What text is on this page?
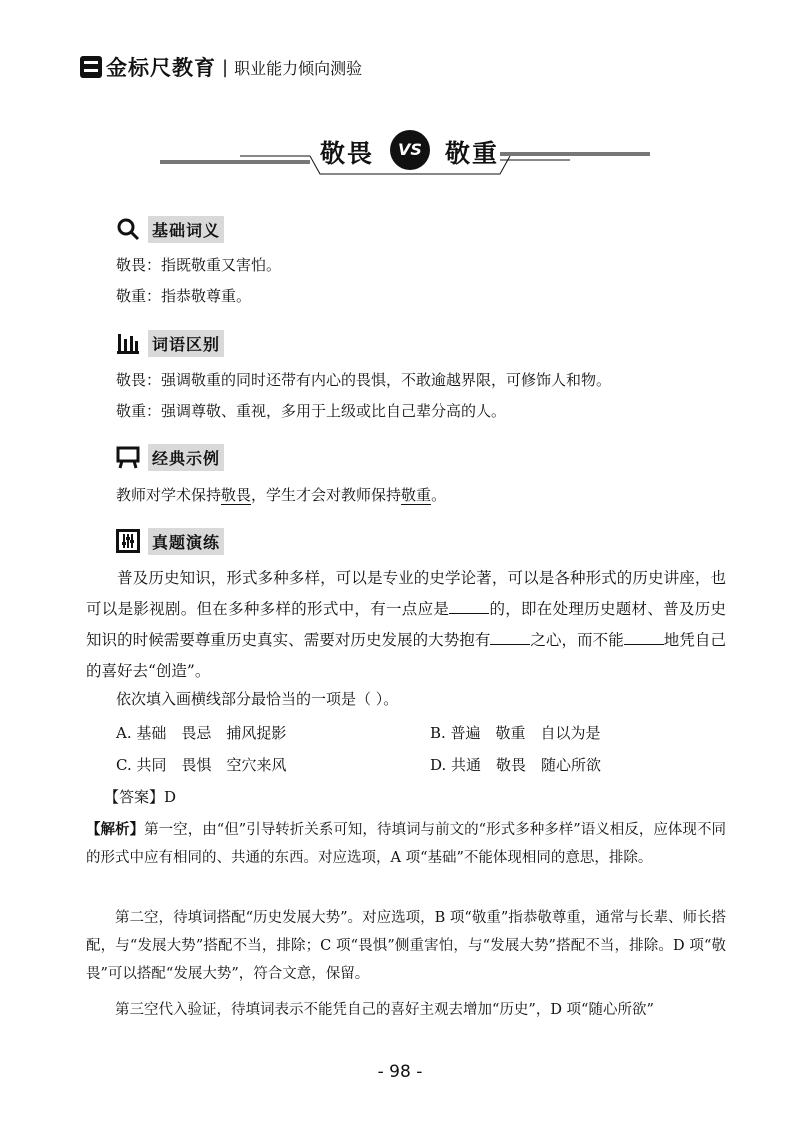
金标尺教育 | 职业能力倾向测验
敬畏	VS 敬重
基础词义
敬畏：指既敬重又害怕。
敬重：指恭敬尊重。
词语区别
敬畏：强调敬重的同时还带有内心的畏惧，不敢逾越界限，可修饰人和物。
敬重：强调尊敬、重视，多用于上级或比自己辈分高的人。
经典示例
教师对学术保持敬畏，学生才会对教师保持敬重。
真题演练
普及历史知识，形式多种多样，可以是专业的史学论著，可以是各种形式的历史讲座，也可以是影视剧。但在多种多样的形式中，有一点应是	的，即在处理历史题材、普及历史知识的时候需要尊重历史真实、需要对历史发展的大势抱有	之心，而不能	地凭自己的喜好去“创造”。
依次填入画横线部分最恰当的一项是（ ）。
A. 基础　畏忌　捕风捉影	B. 普遍　敬重　自以为是
C. 共同　畏惧　空穴来风	D. 共通　敬畏　随心所欲
【答案】D
【解析】第一空，由“但”引导转折关系可知，待填词与前文的“形式多种多样”语义相反，应体现不同的形式中应有相同的、共通的东西。对应选项，A 项“基础”不能体现相同的意思，排除。
第二空，待填词搭配“历史发展大势”。对应选项，B 项“敬重”指恭敬尊重，通常与长辈、师长搭配，与“发展大势”搭配不当，排除；C 项“畏惧”侧重害怕，与“发展大势”搭配不当，排除。D 项“敬畏”可以搭配“发展大势”，符合文意，保留。
第三空代入验证，待填词表示不能凭自己的喜好主观去增加“历史”，D 项“随心所欲”
- 98 -
